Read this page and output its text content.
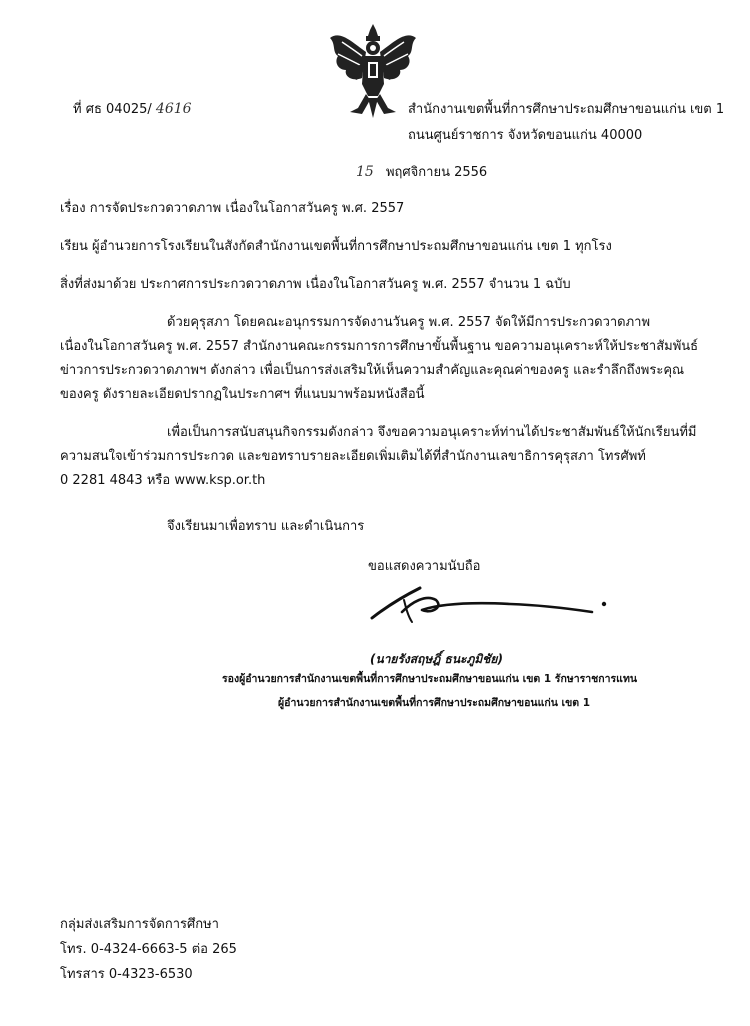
ที่ ศธ 04025/ 4616	สำนักงานเขตพื้นที่การศึกษาประถมศึกษาขอนแก่น เขต 1
ถนนศูนย์ราชการ จังหวัดขอนแก่น 40000
15 พฤศจิกายน 2556
เรื่อง การจัดประกวดวาดภาพ เนื่องในโอกาสวันครู พ.ศ. 2557
เรียน ผู้อำนวยการโรงเรียนในสังกัดสำนักงานเขตพื้นที่การศึกษาประถมศึกษาขอนแก่น เขต 1 ทุกโรง
สิ่งที่ส่งมาด้วย ประกาศการประกวดวาดภาพ เนื่องในโอกาสวันครู พ.ศ. 2557 จำนวน 1 ฉบับ
ด้วยคุรุสภา โดยคณะอนุกรรมการจัดงานวันครู พ.ศ. 2557 จัดให้มีการประกวดวาดภาพ
เนื่องในโอกาสวันครู พ.ศ. 2557 สำนักงานคณะกรรมการการศึกษาขั้นพื้นฐาน ขอความอนุเคราะห์ให้ประชาสัมพันธ์
ข่าวการประกวดวาดภาพฯ ดังกล่าว เพื่อเป็นการส่งเสริมให้เห็นความสำคัญและคุณค่าของครู และรำลึกถึงพระคุณ
ของครู ดังรายละเอียดปรากฏในประกาศฯ ที่แนบมาพร้อมหนังสือนี้
เพื่อเป็นการสนับสนุนกิจกรรมดังกล่าว จึงขอความอนุเคราะห์ท่านได้ประชาสัมพันธ์ให้นักเรียนที่มี
ความสนใจเข้าร่วมการประกวด และขอทราบรายละเอียดเพิ่มเติมได้ที่สำนักงานเลขาธิการคุรุสภา โทรศัพท์
0 2281 4843 หรือ www.ksp.or.th
จึงเรียนมาเพื่อทราบ และดำเนินการ
ขอแสดงความนับถือ
(นายรังสฤษฎิ์ ธนะภูมิชัย)
รองผู้อำนวยการสำนักงานเขตพื้นที่การศึกษาประถมศึกษาขอนแก่น เขต 1 รักษาราชการแทน
ผู้อำนวยการสำนักงานเขตพื้นที่การศึกษาประถมศึกษาขอนแก่น เขต 1
กลุ่มส่งเสริมการจัดการศึกษา
โทร. 0-4324-6663-5 ต่อ 265
โทรสาร 0-4323-6530
